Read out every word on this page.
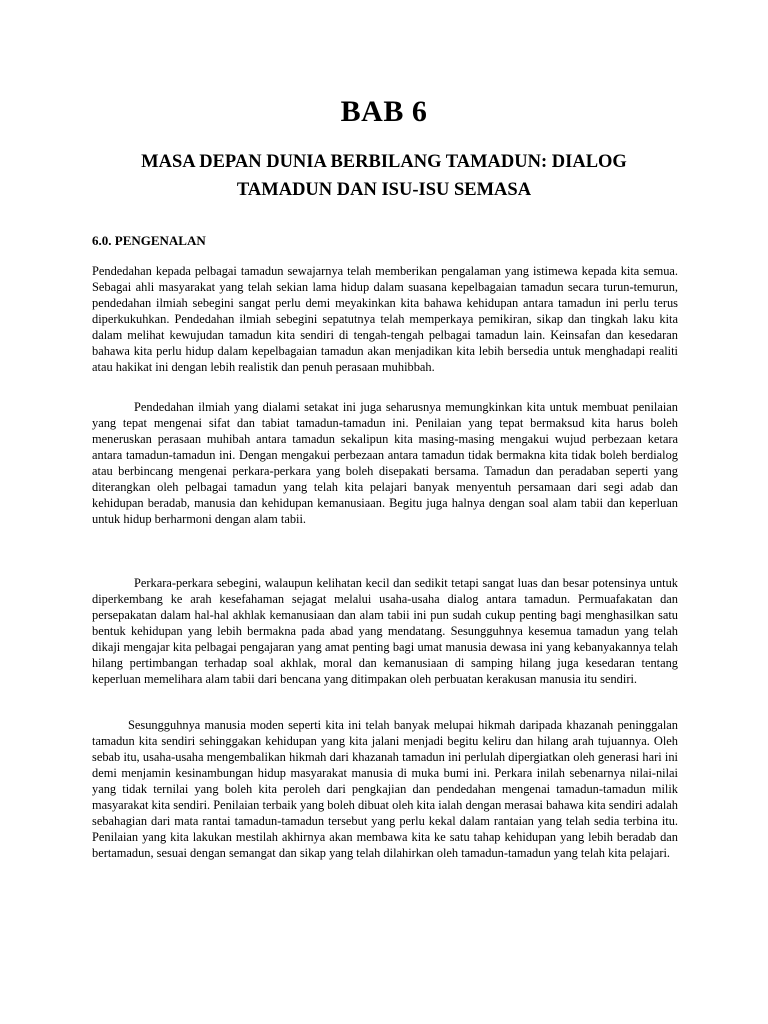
BAB 6
MASA DEPAN DUNIA BERBILANG TAMADUN: DIALOG
TAMADUN DAN ISU-ISU SEMASA
6.0. PENGENALAN

Pendedahan kepada pelbagai tamadun sewajarnya telah memberikan pengalaman yang istimewa kepada kita semua. Sebagai ahli masyarakat yang telah sekian lama hidup dalam suasana kepelbagaian tamadun secara turun-temurun, pendedahan ilmiah sebegini sangat perlu demi meyakinkan kita bahawa kehidupan antara tamadun ini perlu terus diperkukuhkan. Pendedahan ilmiah sebegini sepatutnya telah memperkaya pemikiran, sikap dan tingkah laku kita dalam melihat kewujudan tamadun kita sendiri di tengah-tengah pelbagai tamadun lain. Keinsafan dan kesedaran bahawa kita perlu hidup dalam kepelbagaian tamadun akan menjadikan kita lebih bersedia untuk menghadapi realiti atau hakikat ini dengan lebih realistik dan penuh perasaan muhibbah.

Pendedahan ilmiah yang dialami setakat ini juga seharusnya memungkinkan kita untuk membuat penilaian yang tepat mengenai sifat dan tabiat tamadun-tamadun ini. Penilaian yang tepat bermaksud kita harus boleh meneruskan perasaan muhibah antara tamadun sekalipun kita masing-masing mengakui wujud perbezaan ketara antara tamadun-tamadun ini. Dengan mengakui perbezaan antara tamadun tidak bermakna kita tidak boleh berdialog atau berbincang mengenai perkara-perkara yang boleh disepakati bersama. Tamadun dan peradaban seperti yang diterangkan oleh pelbagai tamadun yang telah kita pelajari banyak menyentuh persamaan dari segi adab dan kehidupan beradab, manusia dan kehidupan kemanusiaan. Begitu juga halnya dengan soal alam tabii dan keperluan untuk hidup berharmoni dengan alam tabii.

Perkara-perkara sebegini, walaupun kelihatan kecil dan sedikit tetapi sangat luas dan besar potensinya untuk diperkembang ke arah kesefahaman sejagat melalui usaha-usaha dialog antara tamadun. Permuafakatan dan persepakatan dalam hal-hal akhlak kemanusiaan dan alam tabii ini pun sudah cukup penting bagi menghasilkan satu bentuk kehidupan yang lebih bermakna pada abad yang mendatang. Sesungguhnya kesemua tamadun yang telah dikaji mengajar kita pelbagai pengajaran yang amat penting bagi umat manusia dewasa ini yang kebanyakannya telah hilang pertimbangan terhadap soal akhlak, moral dan kemanusiaan di samping hilang juga kesedaran tentang keperluan memelihara alam tabii dari bencana yang ditimpakan oleh perbuatan kerakusan manusia itu sendiri.

Sesungguhnya manusia moden seperti kita ini telah banyak melupai hikmah daripada khazanah peninggalan tamadun kita sendiri sehinggakan kehidupan yang kita jalani menjadi begitu keliru dan hilang arah tujuannya. Oleh sebab itu, usaha-usaha mengembalikan hikmah dari khazanah tamadun ini perlulah dipergiatkan oleh generasi hari ini demi menjamin kesinambungan hidup masyarakat manusia di muka bumi ini. Perkara inilah sebenarnya nilai-nilai yang tidak ternilai yang boleh kita peroleh dari pengkajian dan pendedahan mengenai tamadun-tamadun milik masyarakat kita sendiri. Penilaian terbaik yang boleh dibuat oleh kita ialah dengan merasai bahawa kita sendiri adalah sebahagian dari mata rantai tamadun-tamadun tersebut yang perlu kekal dalam rantaian yang telah sedia terbina itu. Penilaian yang kita lakukan mestilah akhirnya akan membawa kita ke satu tahap kehidupan yang lebih beradab dan bertamadun, sesuai dengan semangat dan sikap yang telah dilahirkan oleh tamadun-tamadun yang telah kita pelajari.
